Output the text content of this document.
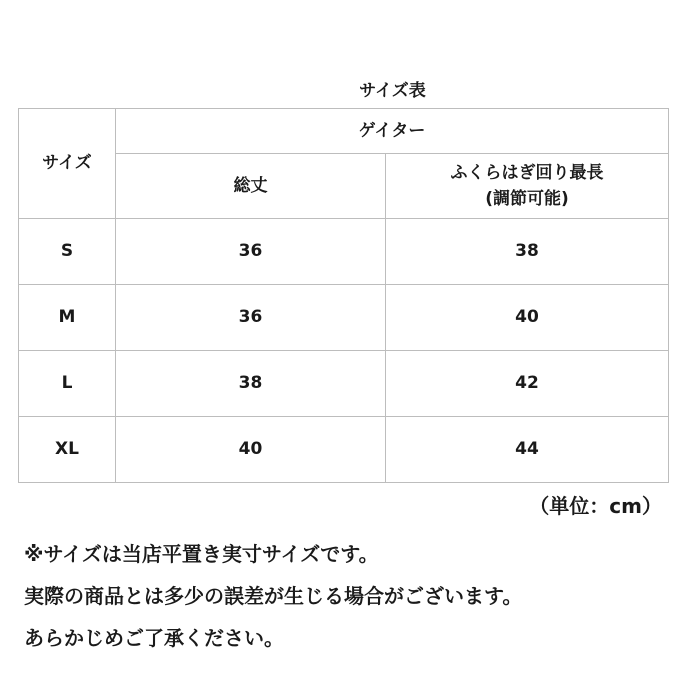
サイズ表
サイズ	ゲイター	
	総丈	ふくらはぎ回り最長
(調節可能)

S	36	38
M	36	40
L	38	42
XL	40	44
（単位：cm）
※サイズは当店平置き実寸サイズです。
実際の商品とは多少の誤差が生じる場合がございます。
あらかじめご了承ください。
